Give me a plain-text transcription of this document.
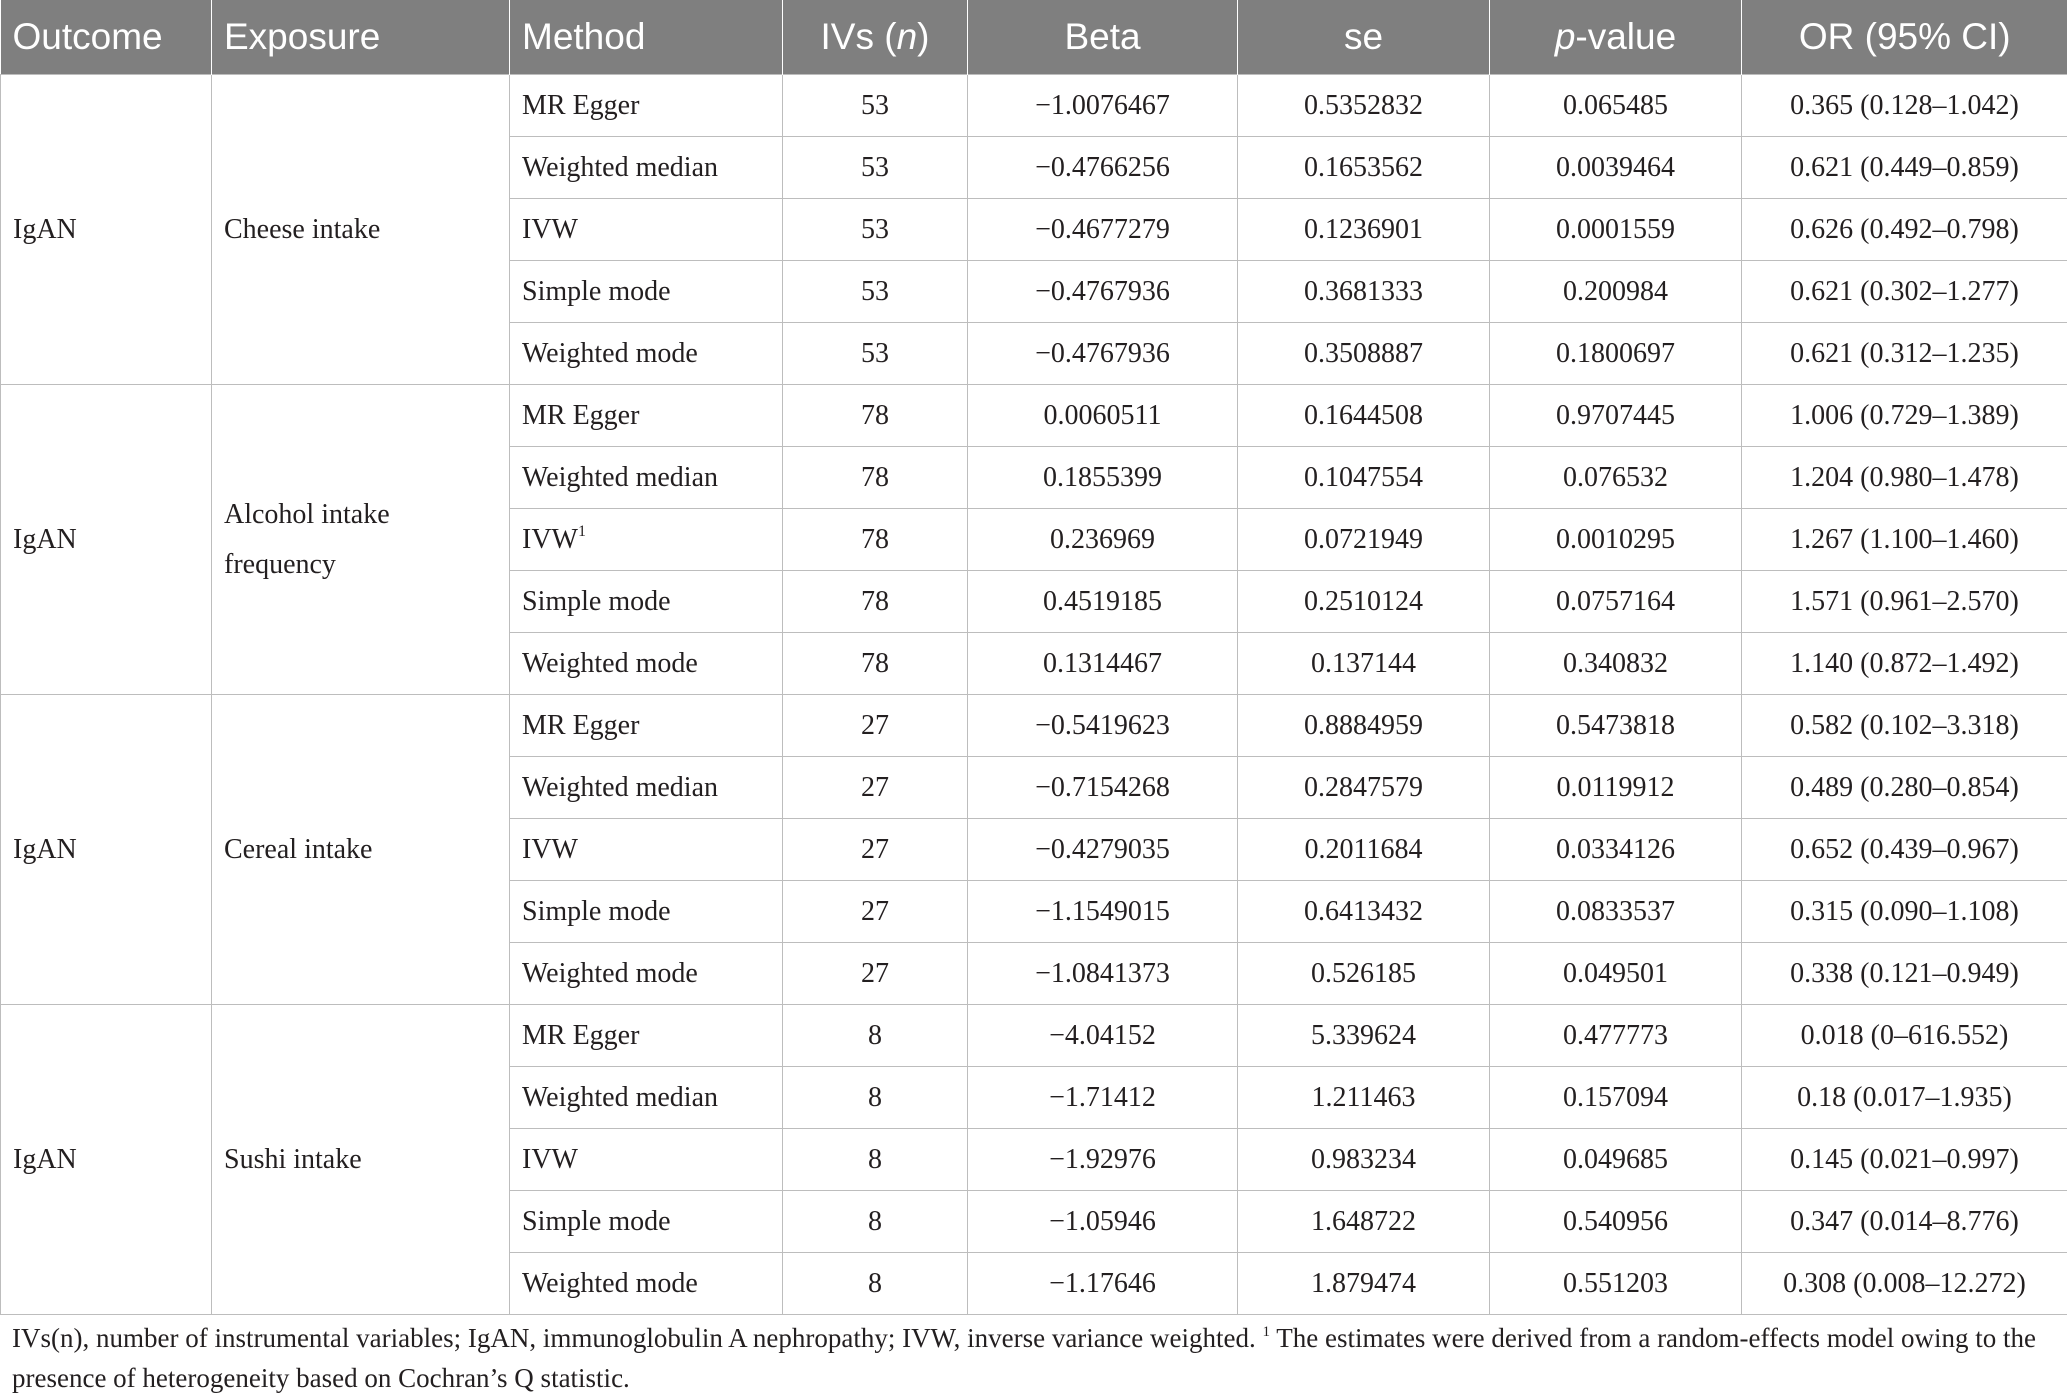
Outcome	Exposure	Method	IVs (n)	Beta	se	p-value	OR (95% CI)
IgAN	Cheese intake	MR Egger	53	−1.0076467	0.5352832	0.065485	0.365 (0.128–1.042)
		Weighted median	53	−0.4766256	0.1653562	0.0039464	0.621 (0.449–0.859)
		IVW	53	−0.4677279	0.1236901	0.0001559	0.626 (0.492–0.798)
		Simple mode	53	−0.4767936	0.3681333	0.200984	0.621 (0.302–1.277)
		Weighted mode	53	−0.4767936	0.3508887	0.1800697	0.621 (0.312–1.235)
IgAN	Alcohol intake frequency	MR Egger	78	0.0060511	0.1644508	0.9707445	1.006 (0.729–1.389)
		Weighted median	78	0.1855399	0.1047554	0.076532	1.204 (0.980–1.478)
		IVW$^1$	78	0.236969	0.0721949	0.0010295	1.267 (1.100–1.460)
		Simple mode	78	0.4519185	0.2510124	0.0757164	1.571 (0.961–2.570)
		Weighted mode	78	0.1314467	0.137144	0.340832	1.140 (0.872–1.492)
IgAN	Cereal intake	MR Egger	27	−0.5419623	0.8884959	0.5473818	0.582 (0.102–3.318)
		Weighted median	27	−0.7154268	0.2847579	0.0119912	0.489 (0.280–0.854)
		IVW	27	−0.4279035	0.2011684	0.0334126	0.652 (0.439–0.967)
		Simple mode	27	−1.1549015	0.6413432	0.0833537	0.315 (0.090–1.108)
		Weighted mode	27	−1.0841373	0.526185	0.049501	0.338 (0.121–0.949)
IgAN	Sushi intake	MR Egger	8	−4.04152	5.339624	0.477773	0.018 (0–616.552)
		Weighted median	8	−1.71412	1.211463	0.157094	0.18 (0.017–1.935)
		IVW	8	−1.92976	0.983234	0.049685	0.145 (0.021–0.997)
		Simple mode	8	−1.05946	1.648722	0.540956	0.347 (0.014–8.776)
		Weighted mode	8	−1.17646	1.879474	0.551203	0.308 (0.008–12.272)
IVs(n), number of instrumental variables; IgAN, immunoglobulin A nephropathy; IVW, inverse variance weighted. $^1$ The estimates were derived from a random-effects model owing to the presence of heterogeneity based on Cochran’s Q statistic.
